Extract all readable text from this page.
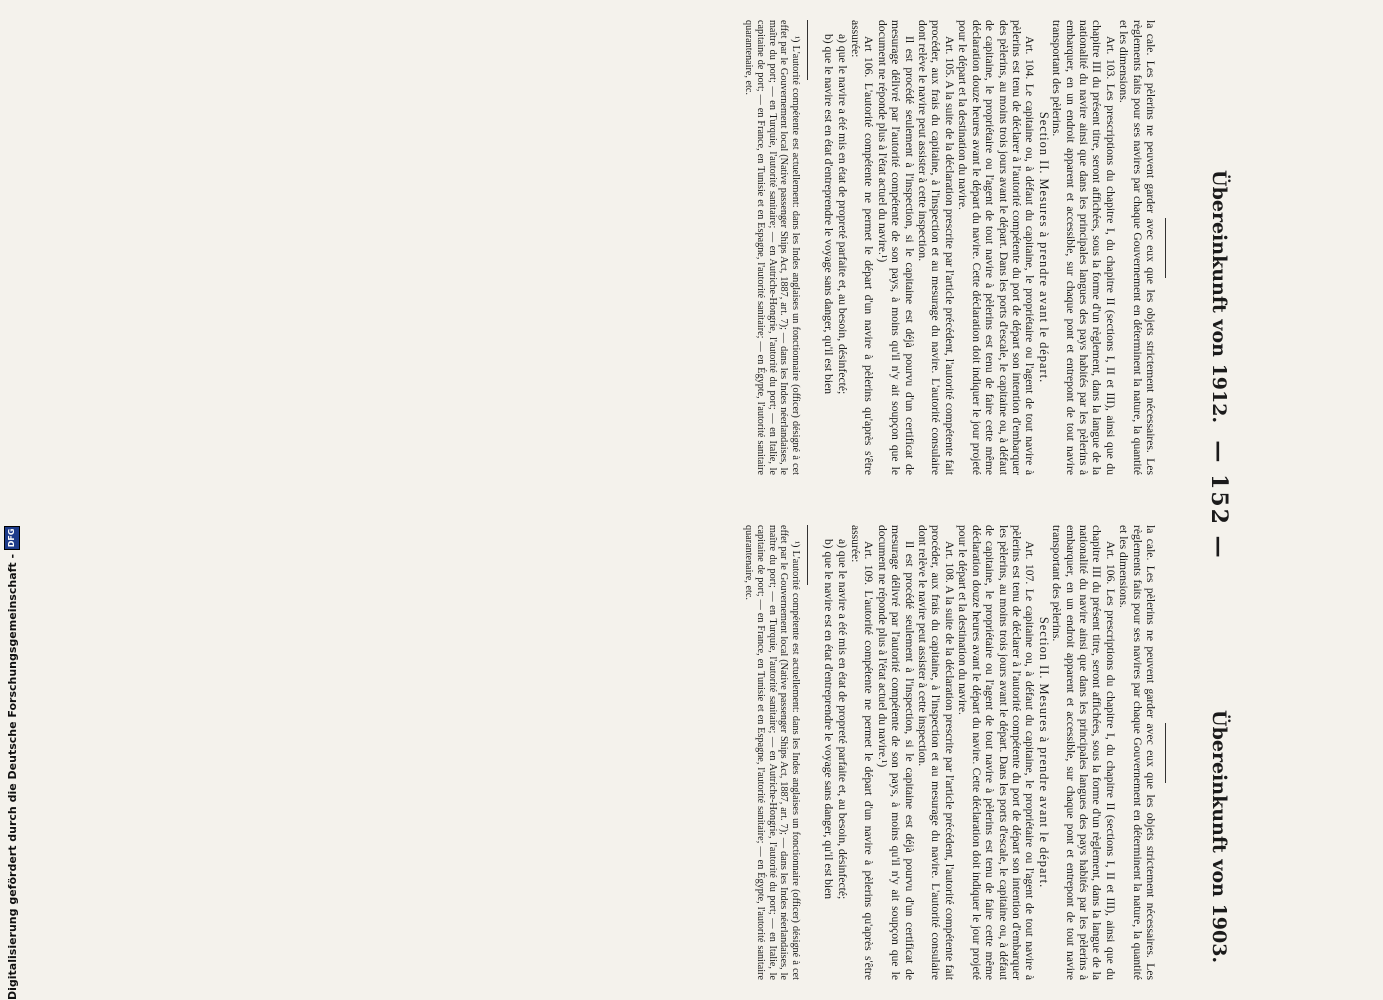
— 152 —
Übereinkunft von 1912.
Übereinkunft von 1903.

la cale. Les pèlerins ne peuvent garder avec eux que les objets strictement nécessaires. Les règlements faits pour ses navires par chaque Gouvernement en déterminent la nature, la quantité et les dimensions.

Art. 103. Les prescriptions du chapitre I, du chapitre II (sections I, II et III), ainsi que du chapitre III du présent titre, seront affichées, sous la forme d'un règlement, dans la langue de la nationalité du navire ainsi que dans les principales langues des pays habités par les pèlerins à embarquer, en un endroit apparent et accessible, sur chaque pont et entrepont de tout navire transportant des pèlerins.

Section II. Mesures à prendre avant le départ.

Art. 104. Le capitaine ou, à défaut du capitaine, le propriétaire ou l'agent de tout navire à pèlerins est tenu de déclarer à l'autorité compétente du port de départ son intention d'embarquer des pèlerins, au moins trois jours avant le départ. Dans les ports d'escale, le capitaine ou, à défaut de capitaine, le propriétaire ou l'agent de tout navire à pèlerins est tenu de faire cette même déclaration douze heures avant le départ du navire. Cette déclaration doit indiquer le jour projeté pour le départ et la destination du navire.

Art. 105. A la suite de la déclaration prescrite par l'article précédent, l'autorité compétente fait procéder, aux frais du capitaine, à l'inspection et au mesurage du navire. L'autorité consulaire dont relève le navire peut assister à cette inspection.

Il est procédé seulement à l'inspection, si le capitaine est déjà pourvu d'un certificat de mesurage délivré par l'autorité compétente de son pays, à moins qu'il n'y ait soupçon que le document ne réponde plus à l'état actuel du navire.¹)

Art 106. L'autorité compétente ne permet le départ d'un navire à pèlerins qu'après s'être assurée:

a) que le navire a été mis en état de propreté parfaite et, au besoin, désinfecté;

b) que le navire est en état d'entreprendre le voyage sans danger, qu'il est bien

¹) L'autorité compétente est actuellement: dans les Indes anglaises un fonctionnaire (officer) désigné à cet effet par le Gouvernement local (Native passenger Ships Act, 1887, art. 7); — dans les Indes néerlandaises, le maître du port; — en Turquie, l'autorité sanitaire; — en Autriche-Hongrie, l'autorité du port; — en Italie, le capitaine de port; — en France, en Tunisie et en Espagne, l'autorité sanitaire; — en Égypte, l'autorité sanitaire quarantenaire, etc.

la cale. Les pèlerins ne peuvent garder avec eux que les objets strictement nécessaires. Les règlements faits pour ses navires par chaque Gouvernement en déterminent la nature, la quantité et les dimensions.

Art. 106. Les prescriptions du chapitre I, du chapitre II (sections I, II et III), ainsi que du chapitre III du présent titre, seront affichées, sous la forme d'un règlement, dans la langue de la nationalité du navire ainsi que dans les principales langues des pays habités par les pèlerins à embarquer, en un endroit apparent et accessible, sur chaque pont et entrepont de tout navire transportant des pèlerins.

Section II. Mesures à prendre avant le départ.

Art. 107. Le capitaine ou, à défaut du capitaine, le propriétaire ou l'agent de tout navire à pèlerins est tenu de déclarer à l'autorité compétente du port de départ son intention d'embarquer les pèlerins, au moins trois jours avant le départ. Dans les ports d'escale, le capitaine ou, à défaut de capitaine, le propriétaire ou l'agent de tout navire à pèlerins est tenu de faire cette même déclaration douze heures avant le départ du navire. Cette déclaration doit indiquer le jour projeté pour le départ et la destination du navire.

Art. 108. A la suite de la déclaration prescrite par l'article précédent, l'autorité compétente fait procéder, aux frais du capitaine, à l'inspection et au mesurage du navire. L'autorité consulaire dont relève le navire peut assister à cette inspection.

Il est procédé seulement à l'inspection, si le capitaine est déjà pourvu d'un certificat de mesurage délivré par l'autorité compétente de son pays, à moins qu'il n'y ait soupçon que le document ne réponde plus à l'état actuel du navire.¹)

Art. 109. L'autorité compétente ne permet le départ d'un navire à pèlerins qu'après s'être assurée:

a) que le navire a été mis en état de propreté parfaite et, au besoin, désinfecté;

b) que le navire est en état d'entreprendre le voyage sans danger, qu'il est bien

¹) L'autorité compétente est actuellement: dans les Indes anglaises un fonctionnaire (officer) désigné à cet effet par le Gouvernement local (Native passenger Ships Act, 1887, art. 7); — dans les Indes néerlandaises, le maître du port; — en Turquie, l'autorité sanitaire; — en Autriche-Hongrie, l'autorité du port; — en Italie, le capitaine de port; — en France, en Tunisie et en Espagne, l'autorité sanitaire; — en Égypte, l'autorité sanitaire quarantenaire, etc.

Digitalisierung gefördert durch die Deutsche Forschungsgemeinschaft -
DFG
